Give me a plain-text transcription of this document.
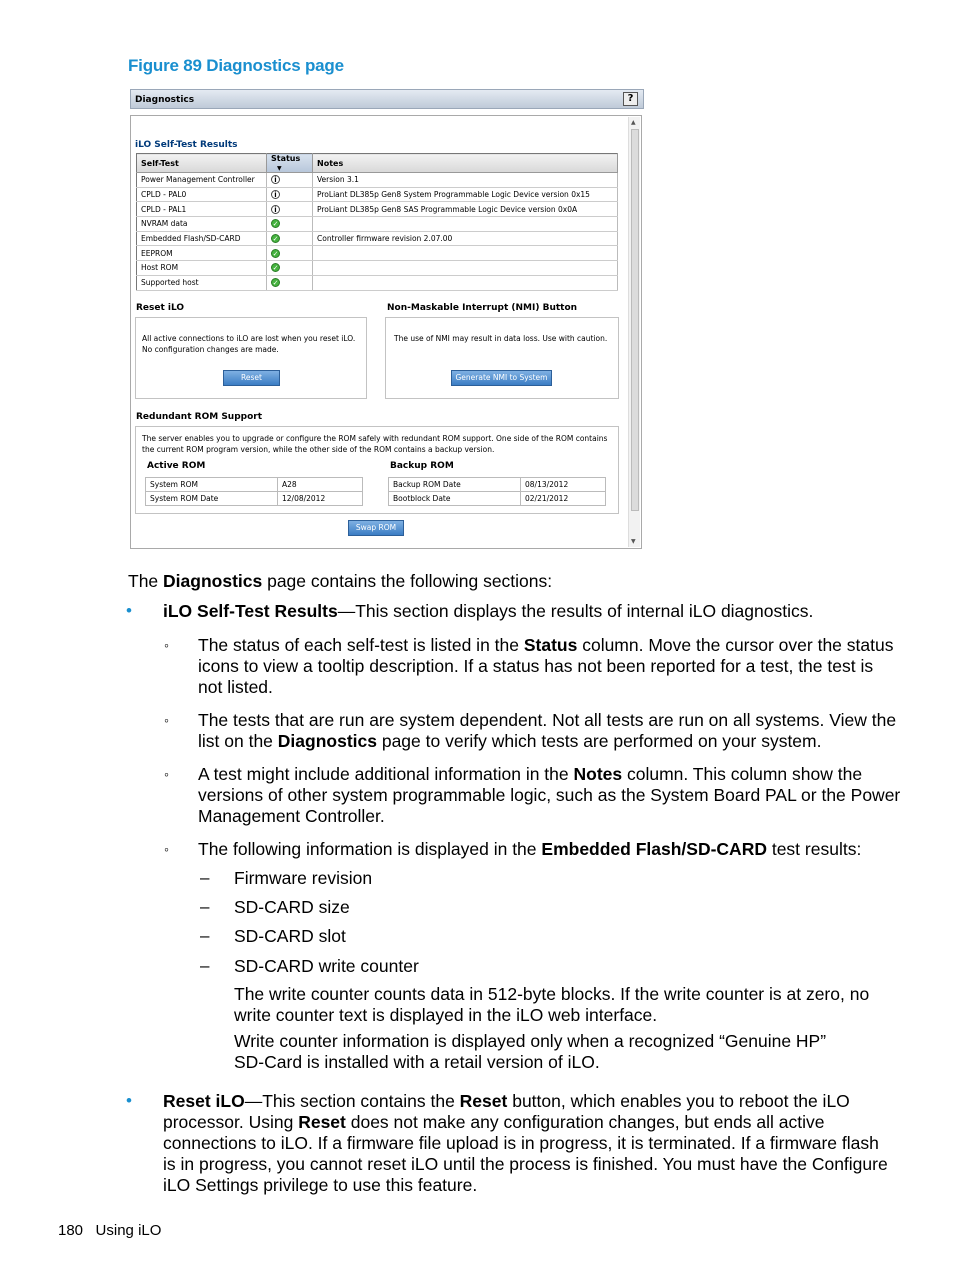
Figure 89 Diagnostics page
Diagnostics	?
▲
▼
iLO Self-Test Results
Self-Test	Status ▼	Notes
Power Management Controller	i	Version 3.1
CPLD - PAL0	i	ProLiant DL385p Gen8 System Programmable Logic Device version 0x15
CPLD - PAL1	i	ProLiant DL385p Gen8 SAS Programmable Logic Device version 0x0A
NVRAM data	✓	
Embedded Flash/SD-CARD	✓	Controller firmware revision 2.07.00
EEPROM	✓	
Host ROM	✓	
Supported host	✓	
Reset iLO

All active connections to iLO are lost when you reset iLO.

No configuration changes are made.

Reset
Non-Maskable Interrupt (NMI) Button

The use of NMI may result in data loss. Use with caution.

Generate NMI to System
Redundant ROM Support

The server enables you to upgrade or configure the ROM safely with redundant ROM support. One side of the ROM contains

the current ROM program version, while the other side of the ROM contains a backup version.

Active ROM
System ROM	A28
System ROM Date	12/08/2012
Backup ROM
Backup ROM Date	08/13/2012
Bootblock Date	02/21/2012
Swap ROM
The Diagnostics page contains the following sections:
• iLO Self-Test Results—This section displays the results of internal iLO diagnostics.
◦ The status of each self-test is listed in the Status column. Move the cursor over the status
icons to view a tooltip description. If a status has not been reported for a test, the test is
not listed.
◦ The tests that are run are system dependent. Not all tests are run on all systems. View the
list on the Diagnostics page to verify which tests are performed on your system.
◦ A test might include additional information in the Notes column. This column show the
versions of other system programmable logic, such as the System Board PAL or the Power
Management Controller.
◦ The following information is displayed in the Embedded Flash/SD-CARD test results:
– Firmware revision
– SD-CARD size
– SD-CARD slot
– SD-CARD write counter
The write counter counts data in 512-byte blocks. If the write counter is at zero, no
write counter text is displayed in the iLO web interface.
Write counter information is displayed only when a recognized “Genuine HP”
SD-Card is installed with a retail version of iLO.
• Reset iLO—This section contains the Reset button, which enables you to reboot the iLO
processor. Using Reset does not make any configuration changes, but ends all active
connections to iLO. If a firmware file upload is in progress, it is terminated. If a firmware flash
is in progress, you cannot reset iLO until the process is finished. You must have the Configure
iLO Settings privilege to use this feature.
180 Using iLO
